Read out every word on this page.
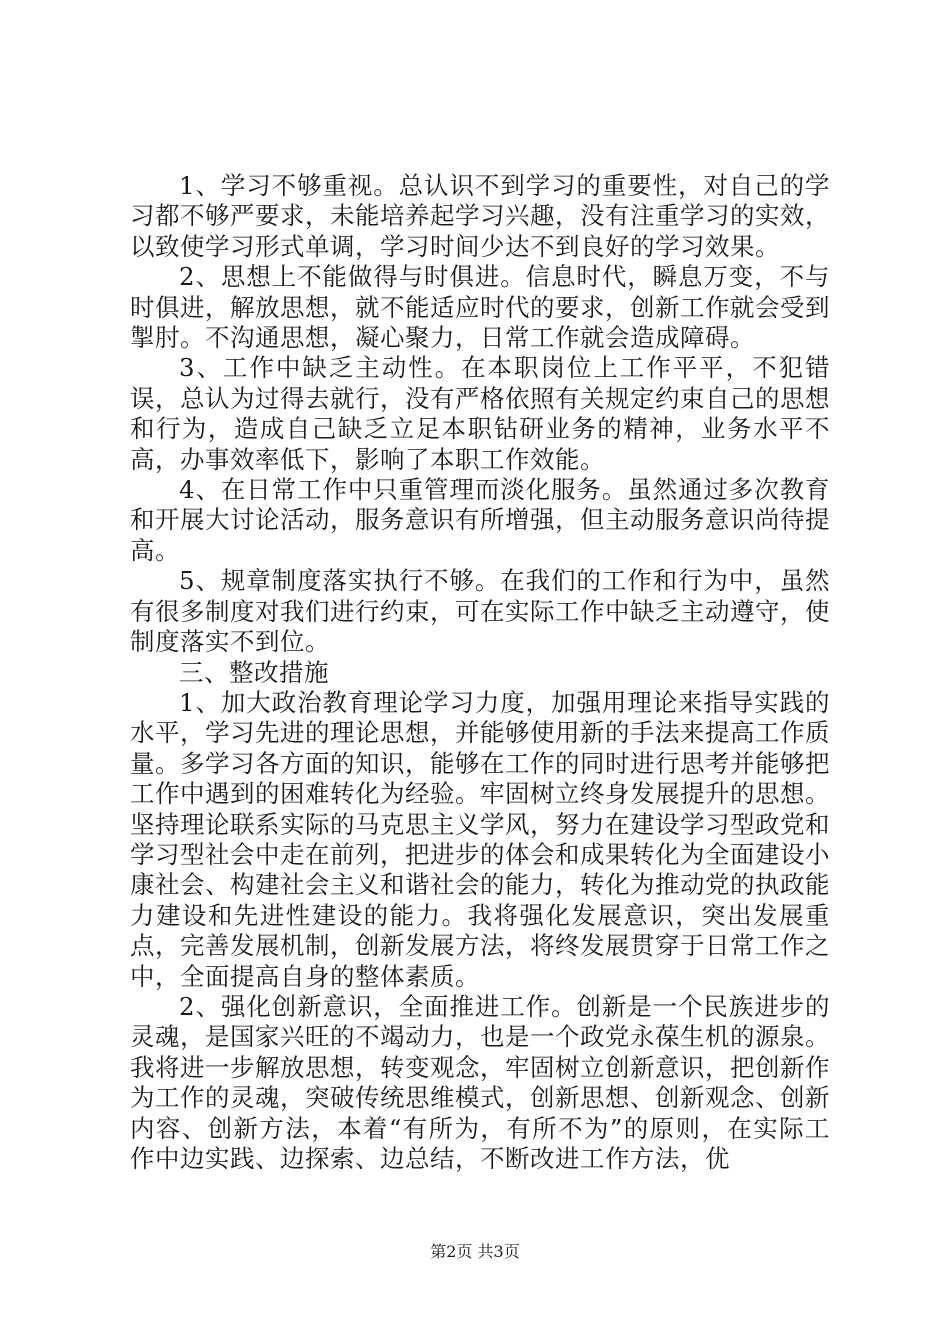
1、学习不够重视。总认识不到学习的重要性，对自己的学习都不够严要求，未能培养起学习兴趣，没有注重学习的实效，以致使学习形式单调，学习时间少达不到良好的学习效果。

2、思想上不能做得与时俱进。信息时代，瞬息万变，不与时俱进，解放思想，就不能适应时代的要求，创新工作就会受到掣肘。不沟通思想，凝心聚力，日常工作就会造成障碍。

3、工作中缺乏主动性。在本职岗位上工作平平，不犯错误，总认为过得去就行，没有严格依照有关规定约束自己的思想和行为，造成自己缺乏立足本职钻研业务的精神，业务水平不高，办事效率低下，影响了本职工作效能。

4、在日常工作中只重管理而淡化服务。虽然通过多次教育和开展大讨论活动，服务意识有所增强，但主动服务意识尚待提高。

5、规章制度落实执行不够。在我们的工作和行为中，虽然有很多制度对我们进行约束，可在实际工作中缺乏主动遵守，使制度落实不到位。

三、整改措施

1、加大政治教育理论学习力度，加强用理论来指导实践的水平，学习先进的理论思想，并能够使用新的手法来提高工作质量。多学习各方面的知识，能够在工作的同时进行思考并能够把工作中遇到的困难转化为经验。牢固树立终身发展提升的思想。坚持理论联系实际的马克思主义学风，努力在建设学习型政党和学习型社会中走在前列，把进步的体会和成果转化为全面建设小康社会、构建社会主义和谐社会的能力，转化为推动党的执政能力建设和先进性建设的能力。我将强化发展意识，突出发展重点，完善发展机制，创新发展方法，将终发展贯穿于日常工作之中，全面提高自身的整体素质。

2、强化创新意识，全面推进工作。创新是一个民族进步的灵魂，是国家兴旺的不竭动力，也是一个政党永葆生机的源泉。我将进一步解放思想，转变观念，牢固树立创新意识，把创新作为工作的灵魂，突破传统思维模式，创新思想、创新观念、创新内容、创新方法，本着“有所为，有所不为”的原则，在实际工作中边实践、边探索、边总结，不断改进工作方法，优

第2页 共3页
